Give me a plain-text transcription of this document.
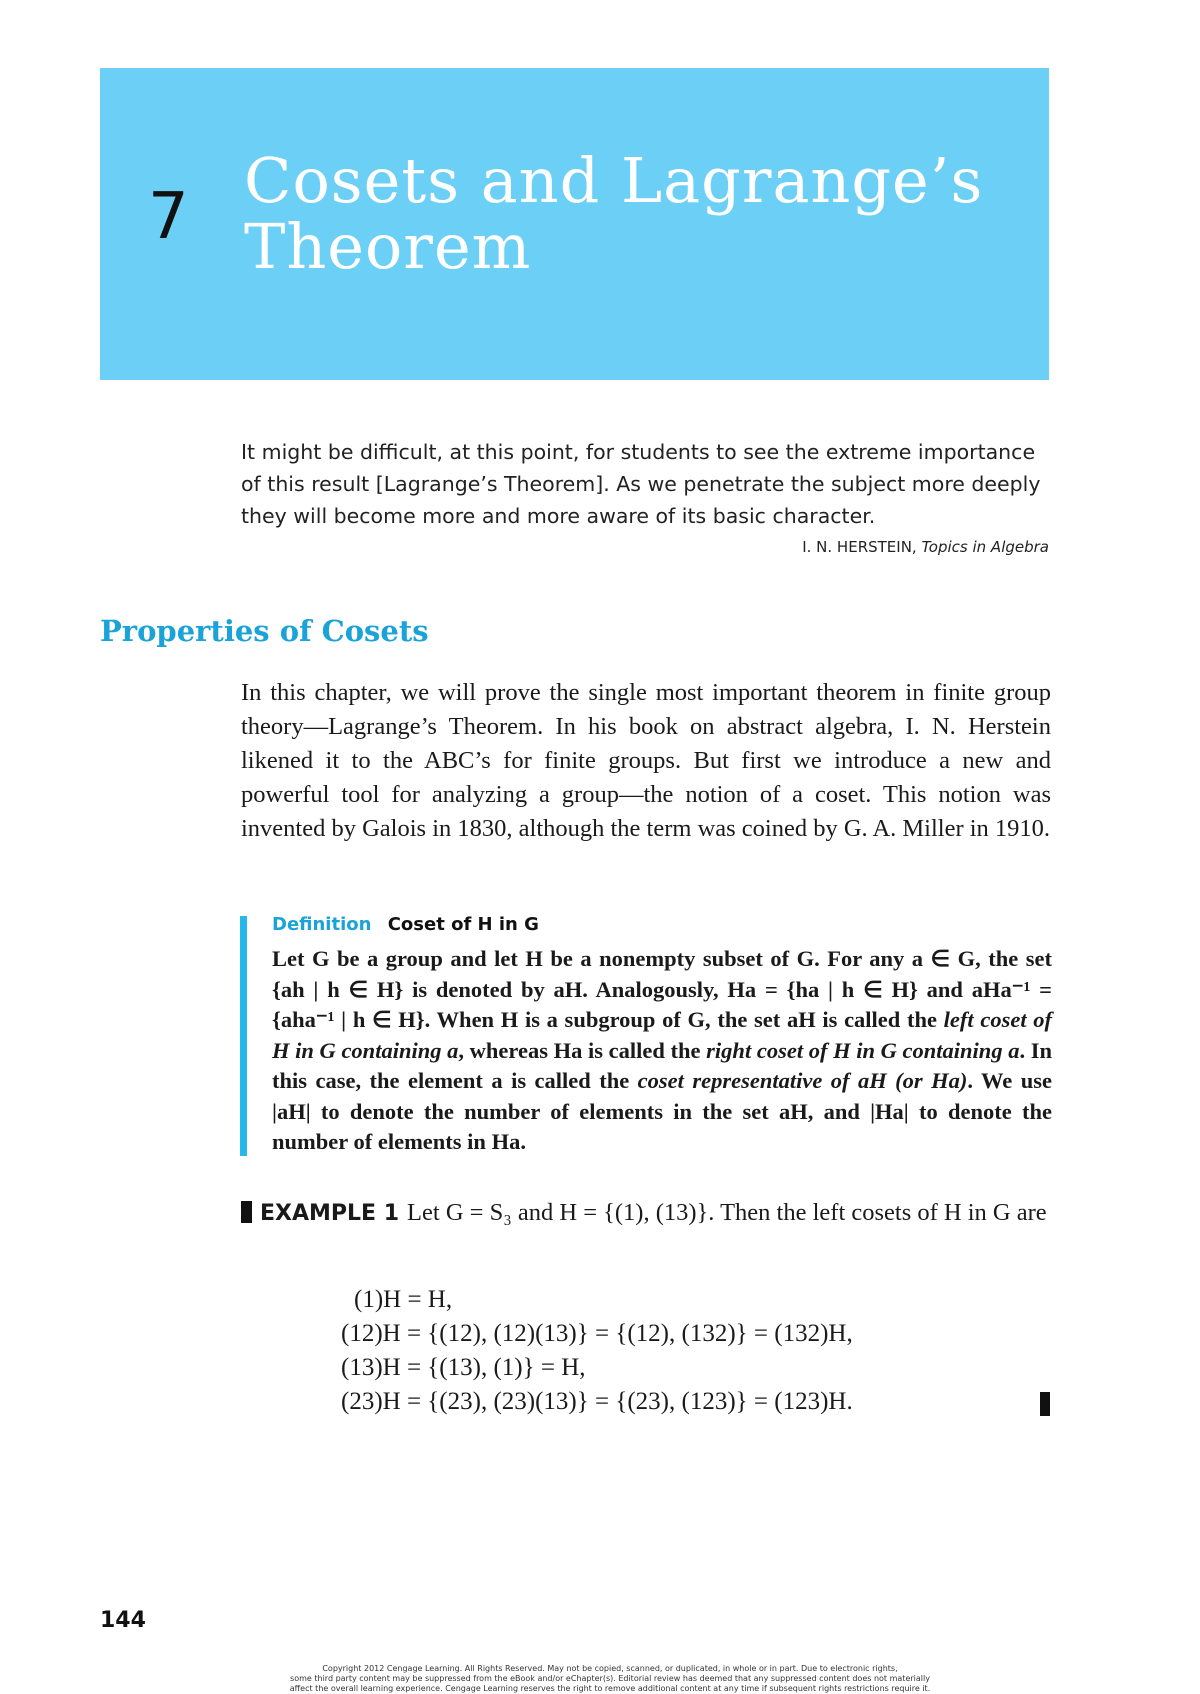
7 Cosets and Lagrange’s
Theorem
It might be difficult, at this point, for students to see the extreme importance of this result [Lagrange’s Theorem]. As we penetrate the subject more deeply they will become more and more aware of its basic character.
I. N. HERSTEIN, Topics in Algebra
Properties of Cosets
In this chapter, we will prove the single most important theorem in finite group theory—Lagrange’s Theorem. In his book on abstract algebra, I. N. Herstein likened it to the ABC’s for finite groups. But first we introduce a new and powerful tool for analyzing a group—the notion of a coset. This notion was invented by Galois in 1830, although the term was coined by G. A. Miller in 1910.
Definition Coset of H in G
Let G be a group and let H be a nonempty subset of G. For any a ∈ G, the set {ah | h ∈ H} is denoted by aH. Analogously, Ha = {ha | h ∈ H} and aHa⁻¹ = {aha⁻¹ | h ∈ H}. When H is a subgroup of G, the set aH is called the left coset of H in G containing a, whereas Ha is called the right coset of H in G containing a. In this case, the element a is called the coset representative of aH (or Ha). We use |aH| to denote the number of elements in the set aH, and |Ha| to denote the number of elements in Ha.
EXAMPLE 1 Let G = S₃ and H = {(1), (13)}. Then the left cosets of H in G are
(1)H = H,
(12)H = {(12), (12)(13)} = {(12), (132)} = (132)H,
(13)H = {(13), (1)} = H,
(23)H = {(23), (23)(13)} = {(23), (123)} = (123)H.
144
Copyright 2012 Cengage Learning. All Rights Reserved. May not be copied, scanned, or duplicated, in whole or in part. Due to electronic rights,
some third party content may be suppressed from the eBook and/or eChapter(s). Editorial review has deemed that any suppressed content does not materially
affect the overall learning experience. Cengage Learning reserves the right to remove additional content at any time if subsequent rights restrictions require it.
